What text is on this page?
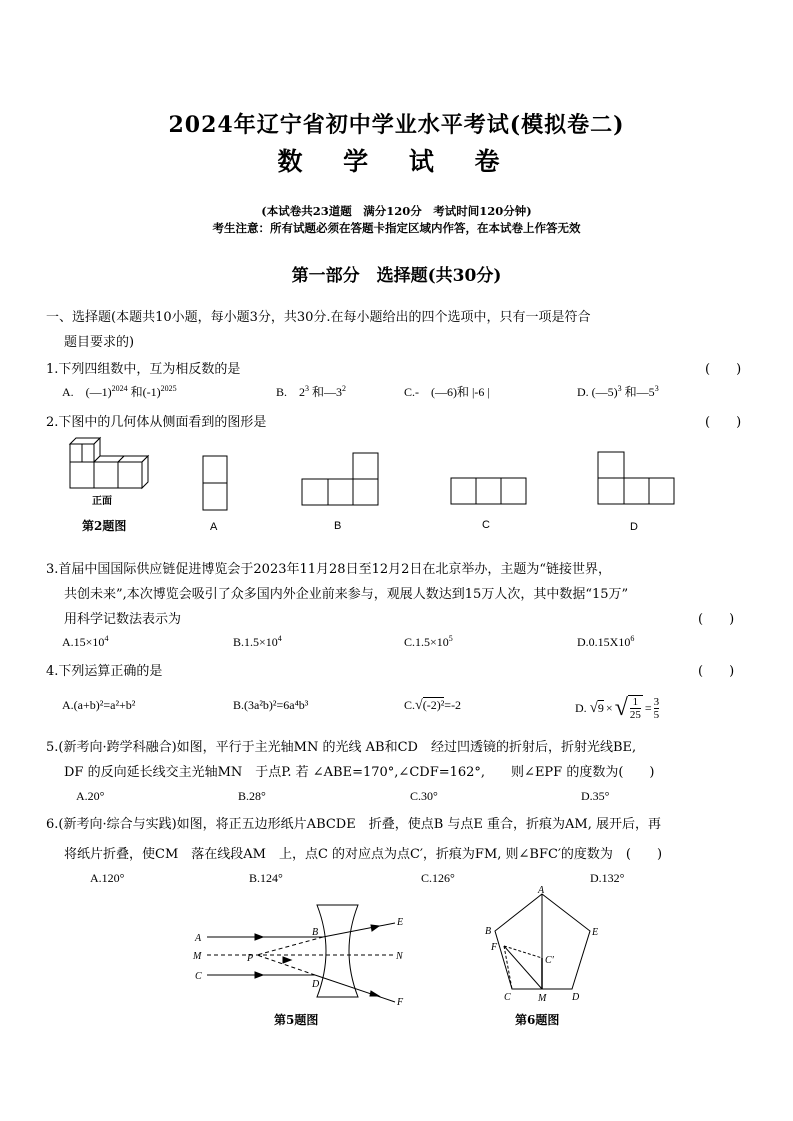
2024年辽宁省初中学业水平考试(模拟卷二)
数 学 试 卷
(本试卷共23道题　满分120分　考试时间120分钟)
考生注意：所有试题必须在答题卡指定区域内作答，在本试卷上作答无效
第一部分　选择题(共30分)
一、选择题(本题共10小题，每小题3分，共30分.在每小题给出的四个选项中，只有一项是符合
题目要求的)
1.下列四组数中，互为相反数的是	(　　)
A.　(—1)$^{2024}$ 和$(-1)^{2025}$	B.　$2^3$ 和$—3^2$	C.-　(—6)和 |-6 |	D. (—5)$^3$ 和$—5^3$
2.下图中的几何体从侧面看到的图形是	(　　)
正面
第2题图	A	B	C	D
3.首届中国国际供应链促进博览会于2023年11月28日至12月2日在北京举办，主题为“链接世界，
共创未来”,本次博览会吸引了众多国内外企业前来参与，观展人数达到15万人次，其中数据“15万”
用科学记数法表示为	(　　)
$A.15\times 10^4$	$B.1.5\times 10^4$	$C.1.5\times 10^5$	$D.0.15X10^6$
4.下列运算正确的是	(　　)
A.(a+b)²=a²+b²	B.(3a²b)²=6a⁴b³	C.√(-2)²=-2	D. √ 9 × √ $\frac{1}{25} = \frac{3}{5}$
5.(新考向·跨学科融合)如图，平行于主光轴MN 的光线 AB和CD　经过凹透镜的折射后，折射光线BE,
DF 的反向延长线交主光轴MN　于点P. 若 ∠ABE=170°,∠CDF=162°,　　则∠EPF 的度数为(　　)
A.20°	B.28°	C.30°	D.35°
6.(新考向·综合与实践)如图，将正五边形纸片ABCDE　折叠，使点B 与点E 重合，折痕为AM, 展开后，再
将纸片折叠，使CM　落在线段AM　上，点C 的对应点为点C′，折痕为FM, 则∠BFC′的度数为　(　　)
A.120°	B.124°	C.126°	D.132°
A
M
C
B
P
D
E
N
F
第5题图
A
B	E
F
C′
C	M	D
第6题图
